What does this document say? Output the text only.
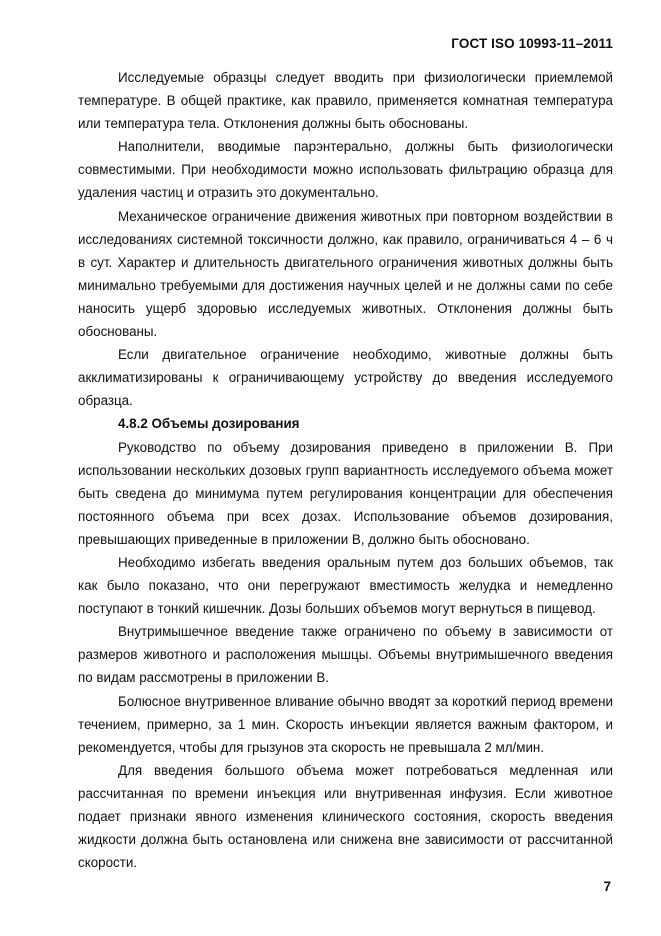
ГОСТ ISO 10993-11–2011

Исследуемые образцы следует вводить при физиологически приемлемой температуре. В общей практике, как правило, применяется комнатная температура или температура тела. Отклонения должны быть обоснованы.

Наполнители, вводимые парэнтерально, должны быть физиологически совместимыми. При необходимости можно использовать фильтрацию образца для удаления частиц и отразить это документально.

Механическое ограничение движения животных при повторном воздействии в исследованиях системной токсичности должно, как правило, ограничиваться 4 – 6 ч в сут. Характер и длительность двигательного ограничения животных должны быть минимально требуемыми для достижения научных целей и не должны сами по себе наносить ущерб здоровью исследуемых животных. Отклонения должны быть обоснованы.

Если двигательное ограничение необходимо, животные должны быть акклиматизированы к ограничивающему устройству до введения исследуемого образца.

4.8.2 Объемы дозирования

Руководство по объему дозирования приведено в приложении В. При использовании нескольких дозовых групп вариантность исследуемого объема может быть сведена до минимума путем регулирования концентрации для обеспечения постоянного объема при всех дозах. Использование объемов дозирования, превышающих приведенные в приложении В, должно быть обосновано.

Необходимо избегать введения оральным путем доз больших объемов, так как было показано, что они перегружают вместимость желудка и немедленно поступают в тонкий кишечник. Дозы больших объемов могут вернуться в пищевод.

Внутримышечное введение также ограничено по объему в зависимости от размеров животного и расположения мышцы. Объемы внутримышечного введения по видам рассмотрены в приложении В.

Болюсное внутривенное вливание обычно вводят за короткий период времени течением, примерно, за 1 мин. Скорость инъекции является важным фактором, и рекомендуется, чтобы для грызунов эта скорость не превышала 2 мл/мин.

Для введения большого объема может потребоваться медленная или рассчитанная по времени инъекция или внутривенная инфузия. Если животное подает признаки явного изменения клинического состояния, скорость введения жидкости должна быть остановлена или снижена вне зависимости от рассчитанной скорости.

7
